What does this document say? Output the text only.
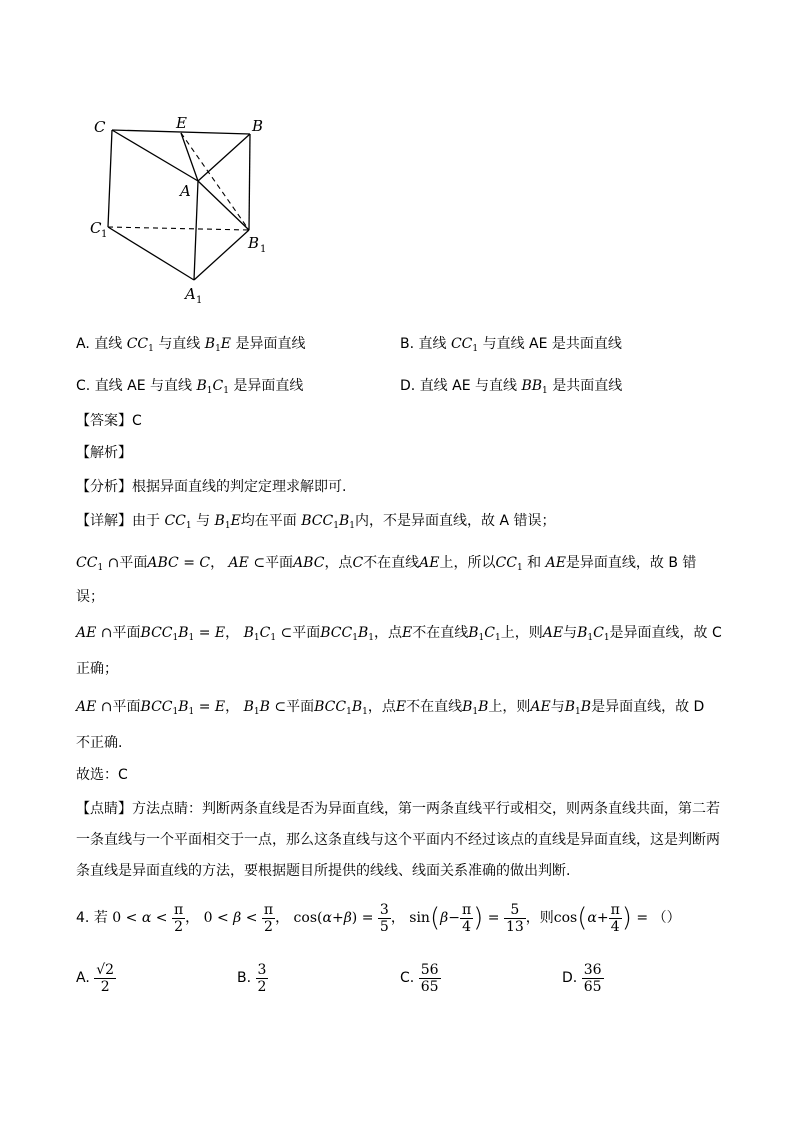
C	E	B
A
C 1	B 1
A 1
A. 直线 $CC_1$ 与直线 $B_1E$ 是异面直线	B. 直线 $CC_1$ 与直线 AE 是共面直线
C. 直线 AE 与直线 $B_1C_1$ 是异面直线	D. 直线 AE 与直线 $BB_1$ 是共面直线
【答案】C
【解析】
【分析】根据异面直线的判定定理求解即可.
【详解】由于 $CC_1$ 与 $B_1E$均在平面 $BCC_1B_1$内，不是异面直线，故 A 错误；
$CC_1$ ∩平面ABC = C， AE ⊂平面ABC，点C不在直线AE上，所以$CC_1$ 和 AE是异面直线，故 B 错
误；
AE ∩平面$BCC_1B_1 = E$， $B_1C_1$ ⊂平面$BCC_1B_1$，点E不在直线$B_1C_1$上，则AE与$B_1C_1$是异面直线，故 C
正确；
AE ∩平面$BCC_1B_1 = E$， $B_1B$ ⊂平面$BCC_1B_1$，点E不在直线$B_1B$上，则AE与$B_1B$是异面直线，故 D
不正确.
故选：C
【点睛】方法点睛：判断两条直线是否为异面直线，第一两条直线平行或相交，则两条直线共面，第二若
一条直线与一个平面相交于一点，那么这条直线与这个平面内不经过该点的直线是异面直线，这是判断两
条直线是异面直线的方法，要根据题目所提供的线线、线面关系准确的做出判断.
4. 若 $0 < \alpha < \frac{\pi}{2}$ ， $0 < \beta < \frac{\pi}{2}$ ， $\cos(\alpha+\beta) = \frac{3}{5}$ ， $\sin(\beta- \frac{\pi}{4}$ ) = $\frac{5}{13}$ ，则$\cos(\alpha+ \frac{\pi}{4}$ ) = （）
A. $\frac{√2}{2}$	B. $\frac{3}{2}$	C. $\frac{56}{65}$	D. $\frac{36}{65}$
